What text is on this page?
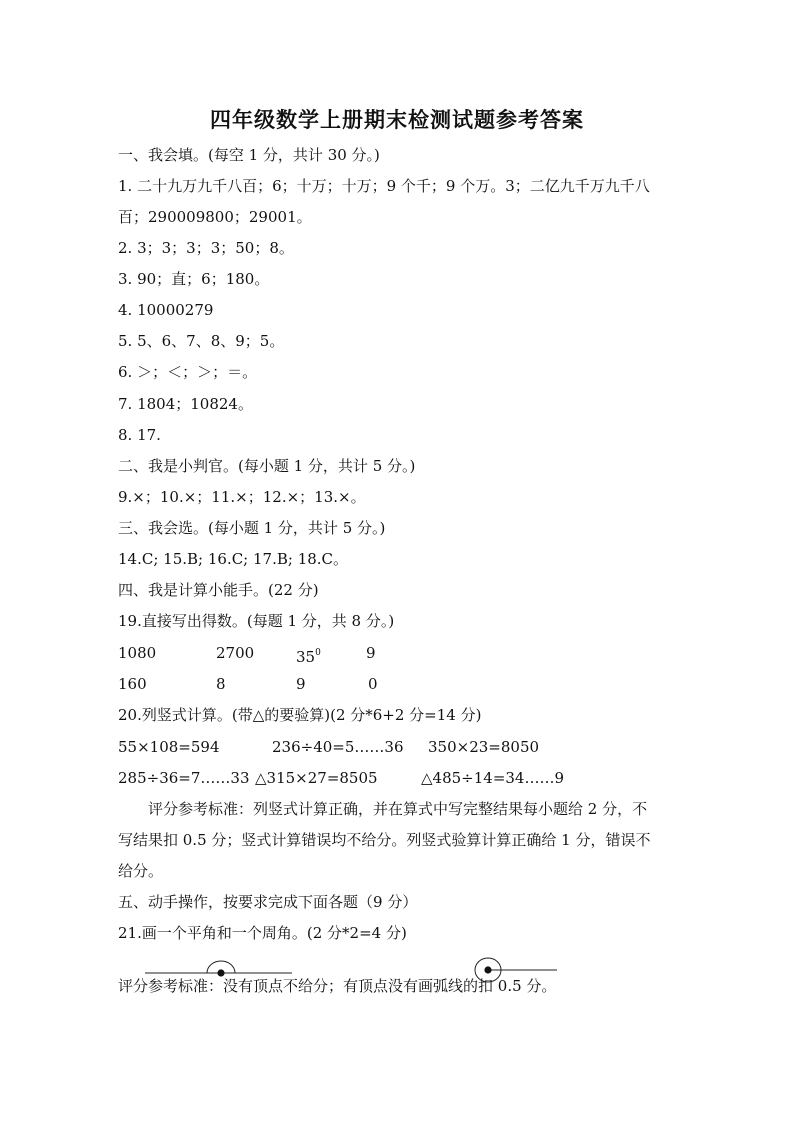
四年级数学上册期末检测试题参考答案
一、我会填。(每空 1 分，共计 30 分。)
1. 二十九万九千八百；6；十万；十万；9 个千；9 个万。3；二亿九千万九千八
百；290009800；29001。
2. 3；3；3；3；50；8。
3. 90；直；6；180。
4. 10000279
5. 5、6、7、8、9；5。
6. ＞；＜；＞；＝。
7. 1804；10824。
8. 17.
二、我是小判官。(每小题 1 分，共计 5 分。)
9.×；10.×；11.×；12.×；13.×。
三、我会选。(每小题 1 分，共计 5 分。)
14.C; 15.B; 16.C; 17.B; 18.C。
四、我是计算小能手。(22 分)
19.直接写出得数。(每题 1 分，共 8 分。)
1080	2700	$35^0$	9
160	8	9	0
20.列竖式计算。(带△的要验算)(2 分*6+2 分=14 分)
55×108=594	236÷40=5……36 350×23=8050
285÷36=7……33 △315×27=8505	△485÷14=34……9
评分参考标准：列竖式计算正确，并在算式中写完整结果每小题给 2 分，不
写结果扣 0.5 分；竖式计算错误均不给分。列竖式验算计算正确给 1 分，错误不
给分。
五、动手操作，按要求完成下面各题（9 分）
21.画一个平角和一个周角。(2 分*2=4 分)
评分参考标准：没有顶点不给分；有顶点没有画弧线的扣 0.5 分。
